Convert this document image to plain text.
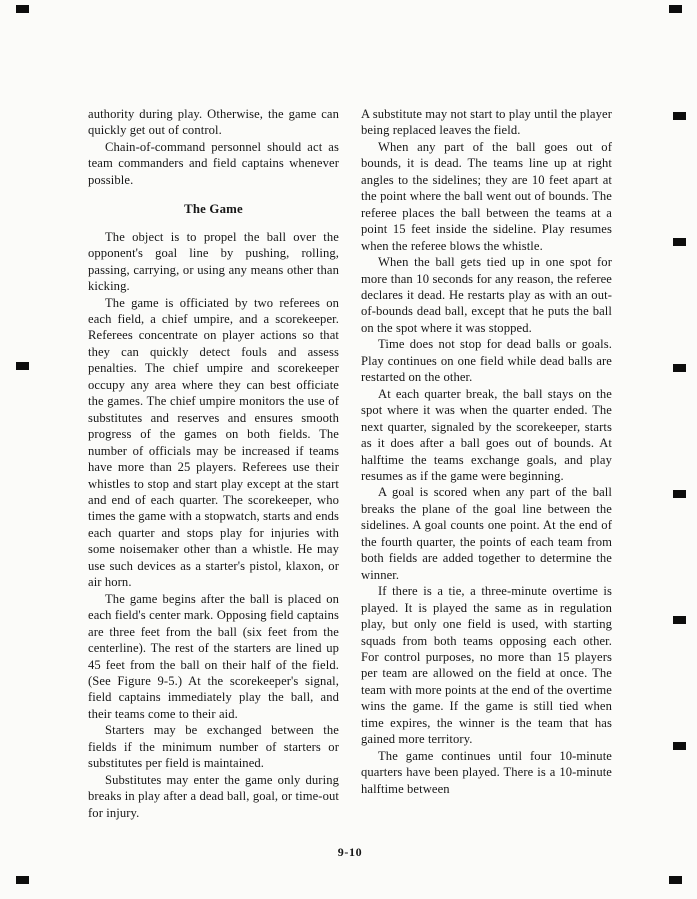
authority during play. Otherwise, the game can quickly get out of control.

Chain-of-command personnel should act as team commanders and field captains whenever possible.

The Game

The object is to propel the ball over the opponent's goal line by pushing, rolling, passing, carrying, or using any means other than kicking.

The game is officiated by two referees on each field, a chief umpire, and a scorekeeper. Referees concentrate on player actions so that they can quickly detect fouls and assess penalties. The chief umpire and scorekeeper occupy any area where they can best officiate the games. The chief umpire monitors the use of substitutes and reserves and ensures smooth progress of the games on both fields. The number of officials may be increased if teams have more than 25 players. Referees use their whistles to stop and start play except at the start and end of each quarter. The scorekeeper, who times the game with a stopwatch, starts and ends each quarter and stops play for injuries with some noisemaker other than a whistle. He may use such devices as a starter's pistol, klaxon, or air horn.

The game begins after the ball is placed on each field's center mark. Opposing field captains are three feet from the ball (six feet from the centerline). The rest of the starters are lined up 45 feet from the ball on their half of the field. (See Figure 9-5.) At the scorekeeper's signal, field captains immediately play the ball, and their teams come to their aid.

Starters may be exchanged between the fields if the minimum number of starters or substitutes per field is maintained.

Substitutes may enter the game only during breaks in play after a dead ball, goal, or time-out for injury.

A substitute may not start to play until the player being replaced leaves the field.

When any part of the ball goes out of bounds, it is dead. The teams line up at right angles to the sidelines; they are 10 feet apart at the point where the ball went out of bounds. The referee places the ball between the teams at a point 15 feet inside the sideline. Play resumes when the referee blows the whistle.

When the ball gets tied up in one spot for more than 10 seconds for any reason, the referee declares it dead. He restarts play as with an out-of-bounds dead ball, except that he puts the ball on the spot where it was stopped.

Time does not stop for dead balls or goals. Play continues on one field while dead balls are restarted on the other.

At each quarter break, the ball stays on the spot where it was when the quarter ended. The next quarter, signaled by the scorekeeper, starts as it does after a ball goes out of bounds. At halftime the teams exchange goals, and play resumes as if the game were beginning.

A goal is scored when any part of the ball breaks the plane of the goal line between the sidelines. A goal counts one point. At the end of the fourth quarter, the points of each team from both fields are added together to determine the winner.

If there is a tie, a three-minute overtime is played. It is played the same as in regulation play, but only one field is used, with starting squads from both teams opposing each other. For control purposes, no more than 15 players per team are allowed on the field at once. The team with more points at the end of the overtime wins the game. If the game is still tied when time expires, the winner is the team that has gained more territory.

The game continues until four 10-minute quarters have been played. There is a 10-minute halftime between

9-10
